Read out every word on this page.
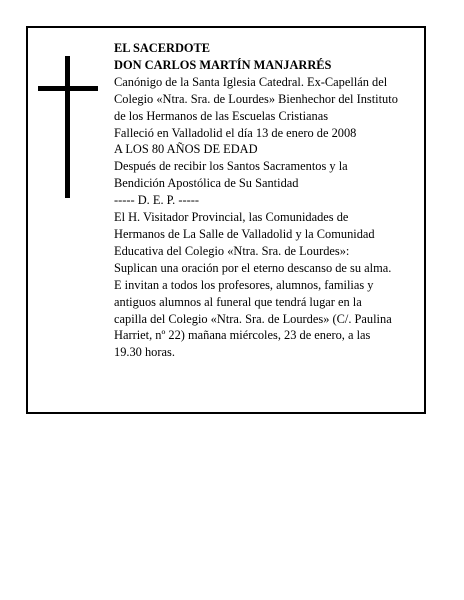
EL SACERDOTE
DON CARLOS MARTÍN MANJARRÉS
Canónigo de la Santa Iglesia Catedral. Ex-Capellán del
Colegio «Ntra. Sra. de Lourdes» Bienhechor del Instituto
de los Hermanos de las Escuelas Cristianas
Falleció en Valladolid el día 13 de enero de 2008
A LOS 80 AÑOS DE EDAD
Después de recibir los Santos Sacramentos y la
Bendición Apostólica de Su Santidad
----- D. E. P. -----
El H. Visitador Provincial, las Comunidades de
Hermanos de La Salle de Valladolid y la Comunidad
Educativa del Colegio «Ntra. Sra. de Lourdes»:
Suplican una oración por el eterno descanso de su alma.
E invitan a todos los profesores, alumnos, familias y
antiguos alumnos al funeral que tendrá lugar en la
capilla del Colegio «Ntra. Sra. de Lourdes» (C/. Paulina
Harriet, nº 22) mañana miércoles, 23 de enero, a las
19.30 horas.
